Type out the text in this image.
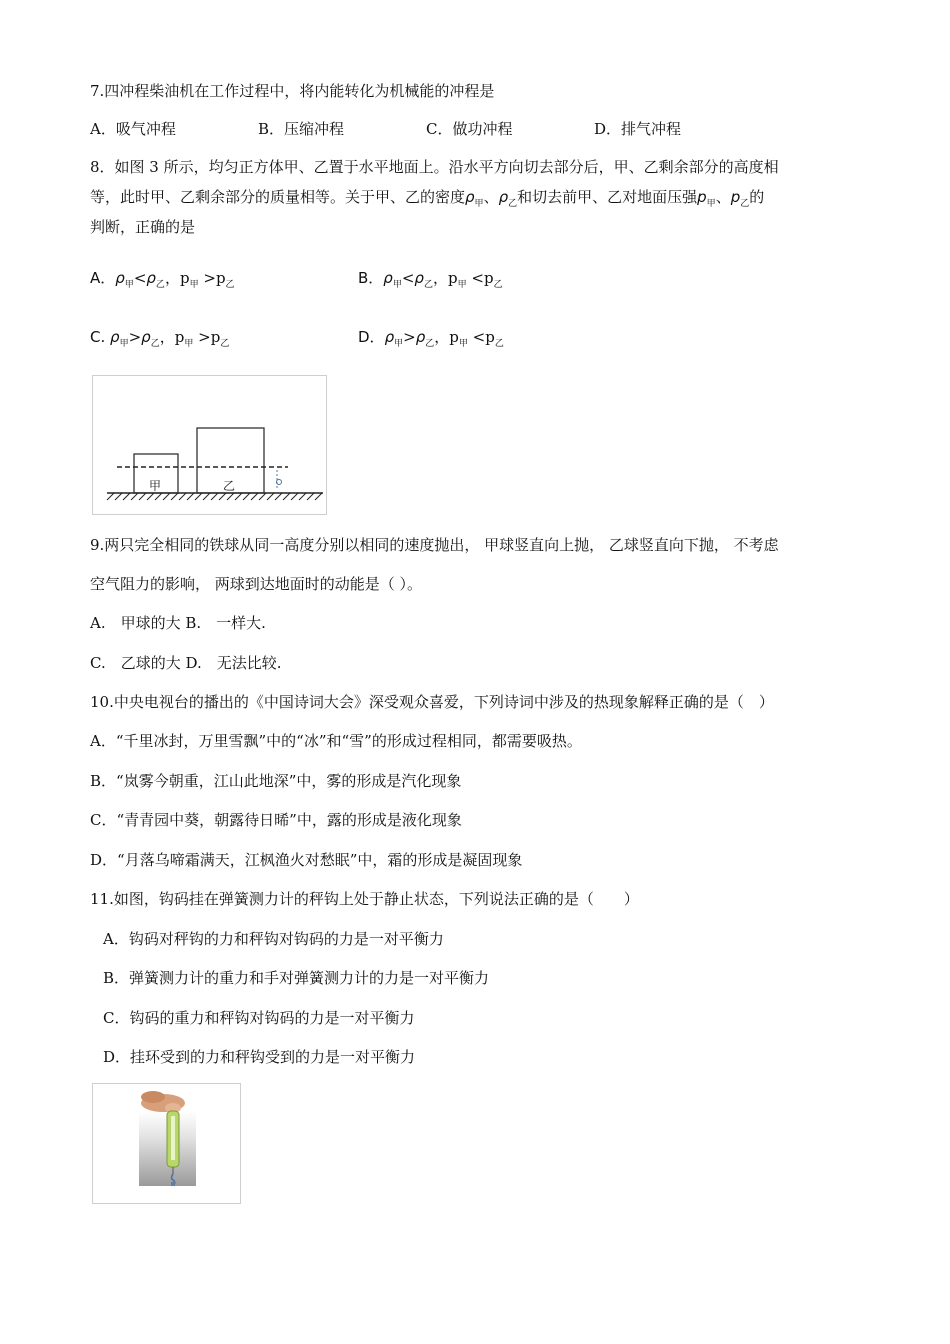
7.四冲程柴油机在工作过程中，将内能转化为机械能的冲程是
A．吸气冲程	B．压缩冲程	C．做功冲程	D．排气冲程
8．如图 3 所示，均匀正方体甲、乙置于水平地面上。沿水平方向切去部分后，甲、乙剩余部分的高度相
等，此时甲、乙剩余部分的质量相等。关于甲、乙的密度$\rho_甲$、$\rho_乙$和切去前甲、乙对地面压强$p_甲$、$p_乙$的
判断，正确的是
A．$\rho_甲<\rho_乙$，$p_甲 >p_乙$	B．$\rho_甲<\rho_乙$，$p_甲 <p_乙$
C. $\rho_甲>\rho_乙$，$p_甲 >p_乙$	D．$\rho_甲>\rho_乙$，$p_甲 <p_乙$
甲	乙
9.两只完全相同的铁球从同一高度分别以相同的速度抛出， 甲球竖直向上抛， 乙球竖直向下抛， 不考虑
空气阻力的影响， 两球到达地面时的动能是（ ）。
A.　甲球的大 B.　一样大.
C.　乙球的大 D.　无法比较.
10.中央电视台的播出的《中国诗词大会》深受观众喜爱，下列诗词中涉及的热现象解释正确的是（　）
A．“千里冰封，万里雪飘”中的“冰”和“雪”的形成过程相同，都需要吸热。
B．“岚雾今朝重，江山此地深”中，雾的形成是汽化现象
C．“青青园中葵，朝露待日晞”中，露的形成是液化现象
D．“月落乌啼霜满天，江枫渔火对愁眠”中，霜的形成是凝固现象
11.如图，钩码挂在弹簧测力计的秤钩上处于静止状态，下列说法正确的是（　　）
A．钩码对秤钩的力和秤钩对钩码的力是一对平衡力
B．弹簧测力计的重力和手对弹簧测力计的力是一对平衡力
C．钩码的重力和秤钩对钩码的力是一对平衡力
D．挂环受到的力和秤钩受到的力是一对平衡力
